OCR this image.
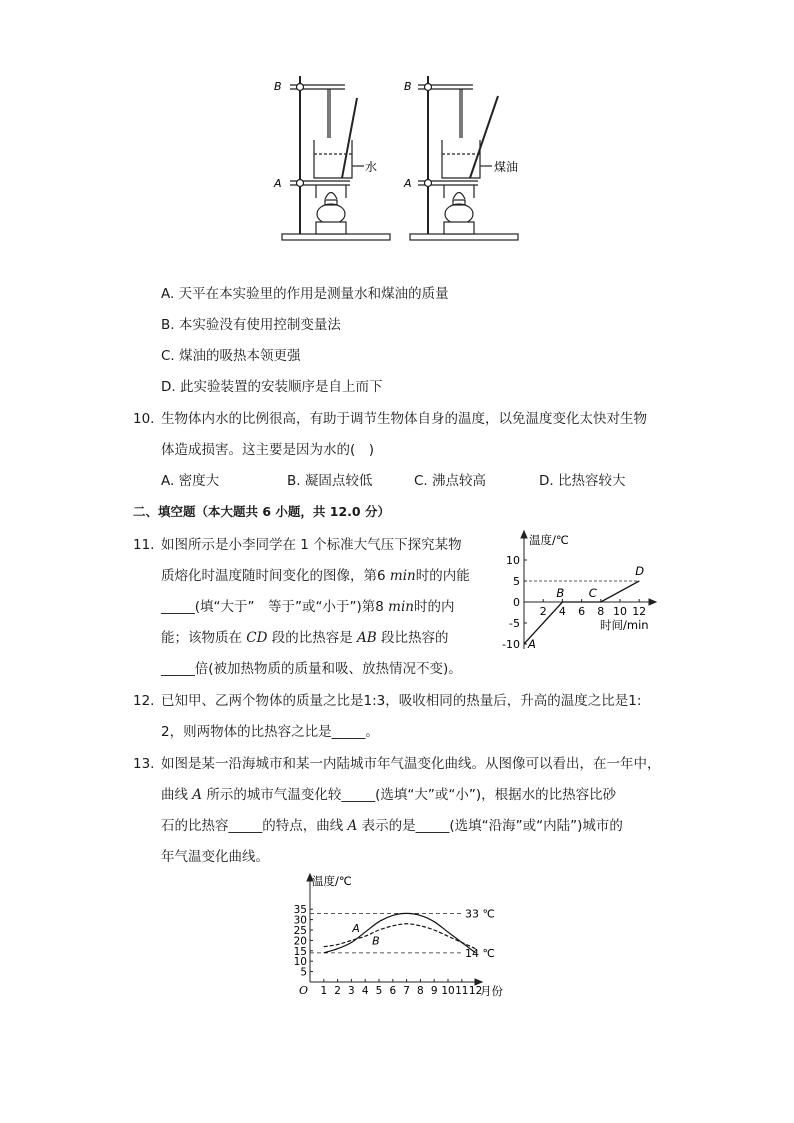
B
A
水
B
A
煤油
A. 天平在本实验里的作用是测量水和煤油的质量
B. 本实验没有使用控制变量法
C. 煤油的吸热本领更强
D. 此实验装置的安装顺序是自上而下
10. 生物体内水的比例很高，有助于调节生物体自身的温度，以免温度变化太快对生物
体造成损害。这主要是因为水的(　)
A. 密度大	B. 凝固点较低	C. 沸点较高	D. 比热容较大
二、填空题（本大题共 6 小题，共 12.0 分）
11. 如图所示是小李同学在 1 个标准大气压下探究某物
质熔化时温度随时间变化的图像，第6 min时的内能
_____(填“大于”　等于”或“小于”)第8 min时的内
能；该物质在 CD 段的比热容是 AB 段比热容的
_____倍(被加热物质的质量和吸、放热情况不变)。
2 4 6 8 10 12
10
5
0
-5
-10 A
B C
D
温度/℃
时间/min
12. 已知甲、乙两个物体的质量之比是1:3，吸收相同的热量后，升高的温度之比是1:
2，则两物体的比热容之比是_____。
13. 如图是某一沿海城市和某一内陆城市年气温变化曲线。从图像可以看出，在一年中，
曲线 A 所示的城市气温变化较_____(选填“大”或“小”)，根据水的比热容比砂
石的比热容_____的特点，曲线 A 表示的是_____(选填“沿海”或“内陆”)城市的
年气温变化曲线。
33 ℃
14 ℃
1 2 3 4 5 6 7 8 9 10 11 12
35
30
25
20
15
10
5
A
B
温度/℃
月份
O
